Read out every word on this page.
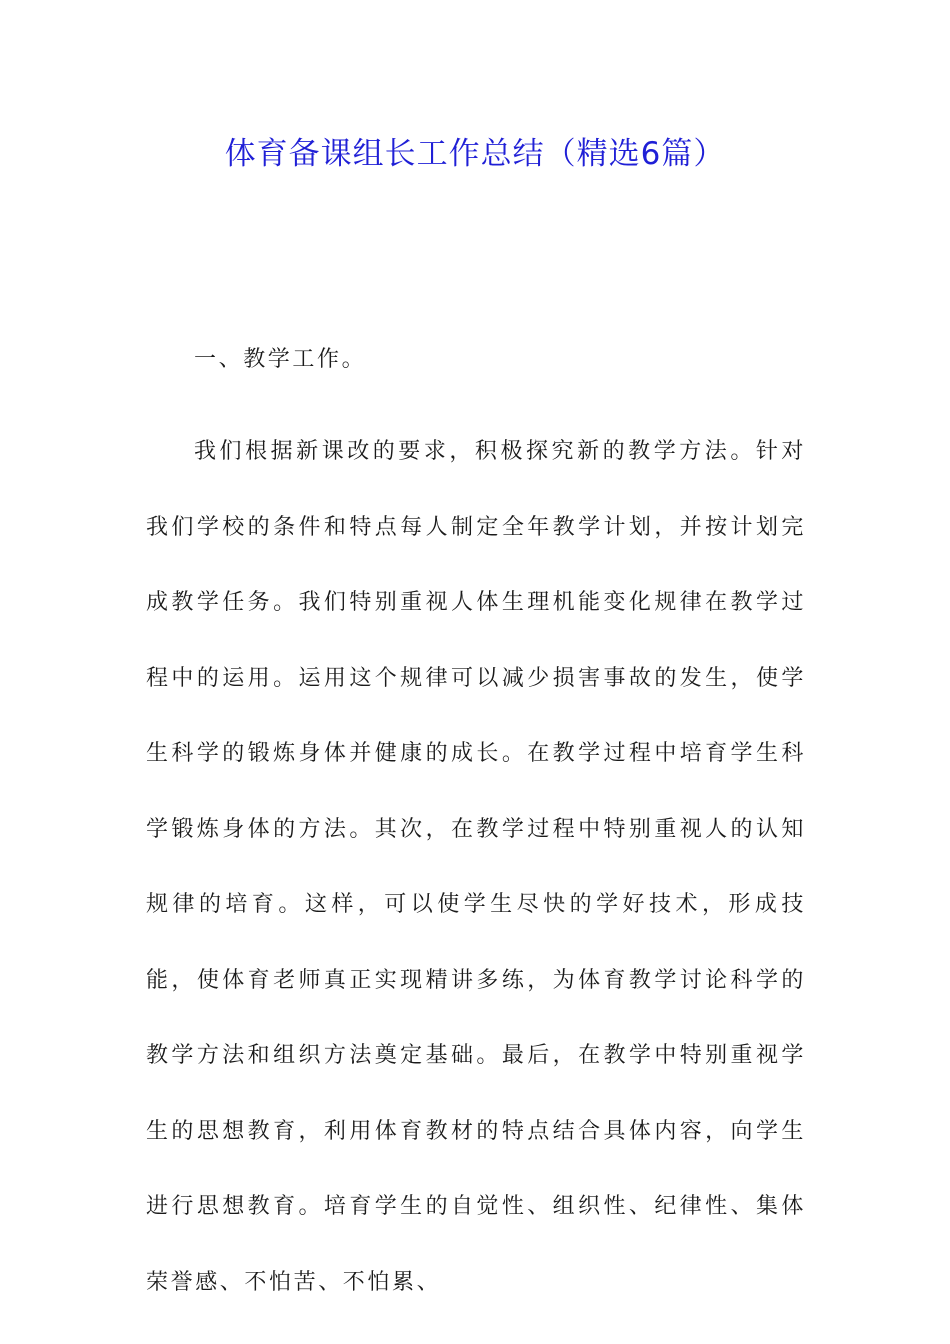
体育备课组长工作总结（精选6篇）

一、教学工作。

我们根据新课改的要求，积极探究新的教学方法。针对我们学校的条件和特点每人制定全年教学计划，并按计划完成教学任务。我们特别重视人体生理机能变化规律在教学过程中的运用。运用这个规律可以减少损害事故的发生，使学生科学的锻炼身体并健康的成长。在教学过程中培育学生科学锻炼身体的方法。其次，在教学过程中特别重视人的认知规律的培育。这样，可以使学生尽快的学好技术，形成技能，使体育老师真正实现精讲多练，为体育教学讨论科学的教学方法和组织方法奠定基础。最后，在教学中特别重视学生的思想教育，利用体育教材的特点结合具体内容，向学生进行思想教育。培育学生的自觉性、组织性、纪律性、集体荣誉感、不怕苦、不怕累、
